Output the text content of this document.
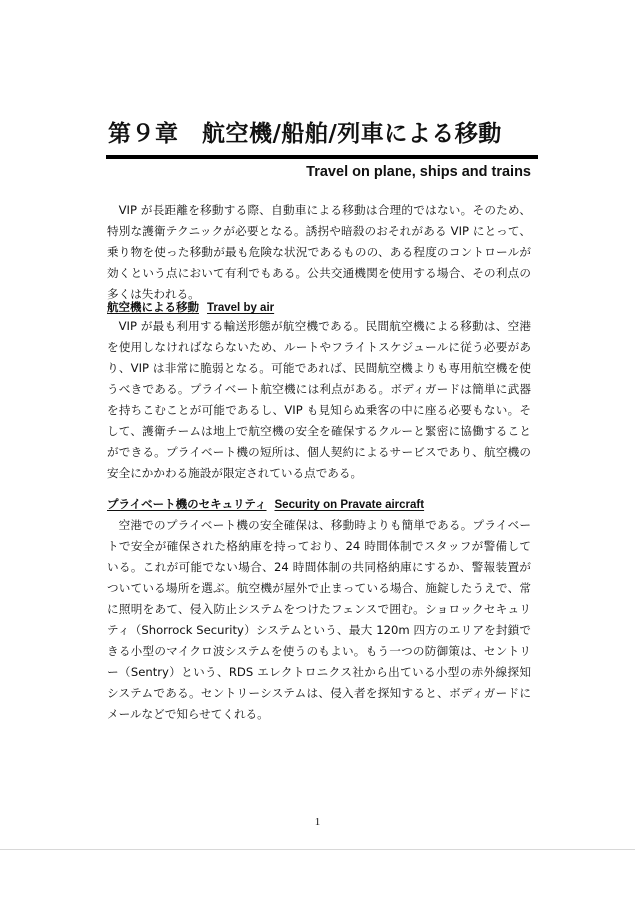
第９章　航空機/船舶/列車による移動
Travel on plane, ships and trains

VIP が長距離を移動する際、自動車による移動は合理的ではない。そのため、特別な護衛テクニックが必要となる。誘拐や暗殺のおそれがある VIP にとって、乗り物を使った移動が最も危険な状況であるものの、ある程度のコントロールが効くという点において有利でもある。公共交通機関を使用する場合、その利点の多くは失われる。

航空機による移動 Travel by air

VIP が最も利用する輸送形態が航空機である。民間航空機による移動は、空港を使用しなければならないため、ルートやフライトスケジュールに従う必要があり、VIP は非常に脆弱となる。可能であれば、民間航空機よりも専用航空機を使うべきである。プライベート航空機には利点がある。ボディガードは簡単に武器を持ちこむことが可能であるし、VIP も見知らぬ乗客の中に座る必要もない。そして、護衛チームは地上で航空機の安全を確保するクルーと緊密に協働することができる。プライベート機の短所は、個人契約によるサービスであり、航空機の安全にかかわる施設が限定されている点である。

プライベート機のセキュリティ Security on Pravate aircraft

空港でのプライベート機の安全確保は、移動時よりも簡単である。プライベートで安全が確保された格納庫を持っており、24 時間体制でスタッフが警備している。これが可能でない場合、24 時間体制の共同格納庫にするか、警報装置がついている場所を選ぶ。航空機が屋外で止まっている場合、施錠したうえで、常に照明をあて、侵入防止システムをつけたフェンスで囲む。ショロックセキュリティ（Shorrock Security）システムという、最大 120m 四方のエリアを封鎖できる小型のマイクロ波システムを使うのもよい。もう一つの防御策は、セントリー（Sentry）という、RDS エレクトロニクス社から出ている小型の赤外線探知システムである。セントリーシステムは、侵入者を探知すると、ボディガードにメールなどで知らせてくれる。

1
